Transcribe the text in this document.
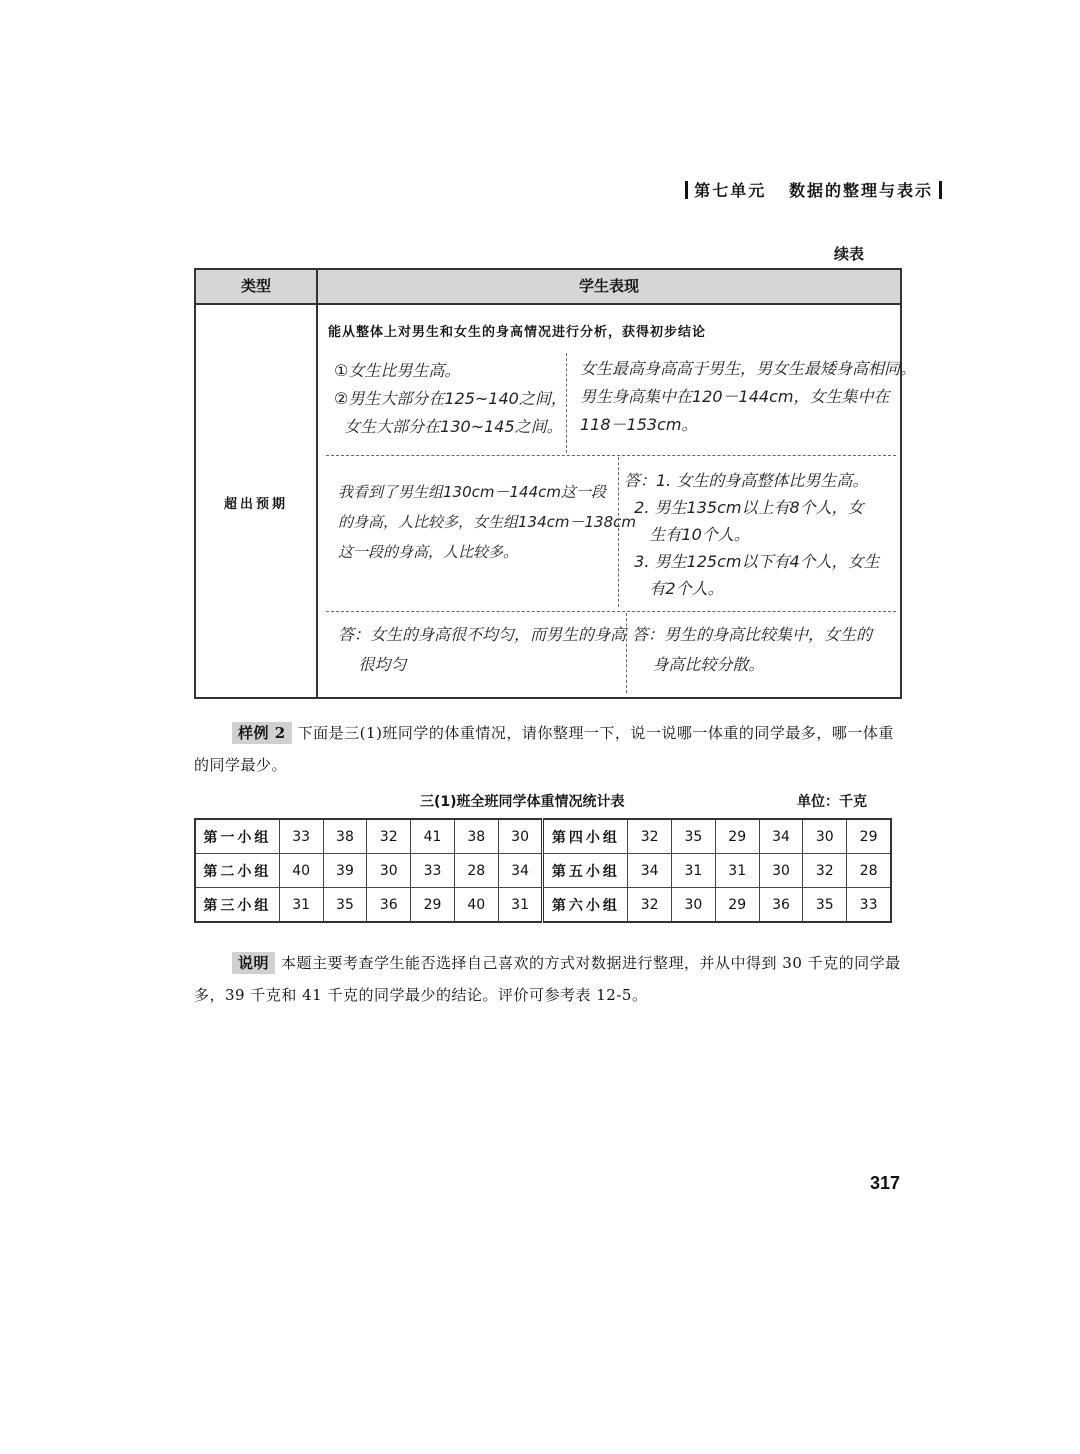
第七单元 数据的整理与表示
续表
类型	学生表现
超出预期
能从整体上对男生和女生的身高情况进行分析，获得初步结论
①女生比男生高。
②男生大部分在125~140之间，
女生大部分在130~145之间。
女生最高身高高于男生，男女生最矮身高相同。
男生身高集中在120－144cm，女生集中在
118－153cm。
我看到了男生组130cm－144cm这一段
的身高，人比较多，女生组134cm－138cm
这一段的身高，人比较多。
答：1. 女生的身高整体比男生高。
2. 男生135cm以上有8个人，女
生有10个人。
3. 男生125cm以下有4个人，女生
有2个人。
答：女生的身高很不均匀，而男生的身高
很均匀
答：男生的身高比较集中，女生的
身高比较分散。
样例 2 下面是三(1)班同学的体重情况，请你整理一下，说一说哪一体重的同学最多，哪一体重的同学最少。
三(1)班全班同学体重情况统计表	单位：千克
第一小组	33	38	32	41	38	30	第四小组	32	35	29	34	30	29
第二小组	40	39	30	33	28	34	第五小组	34	31	31	30	32	28
第三小组	31	35	36	29	40	31	第六小组	32	30	29	36	35	33
说明 本题主要考查学生能否选择自己喜欢的方式对数据进行整理，并从中得到 30 千克的同学最多，39 千克和 41 千克的同学最少的结论。评价可参考表 12-5。
317
